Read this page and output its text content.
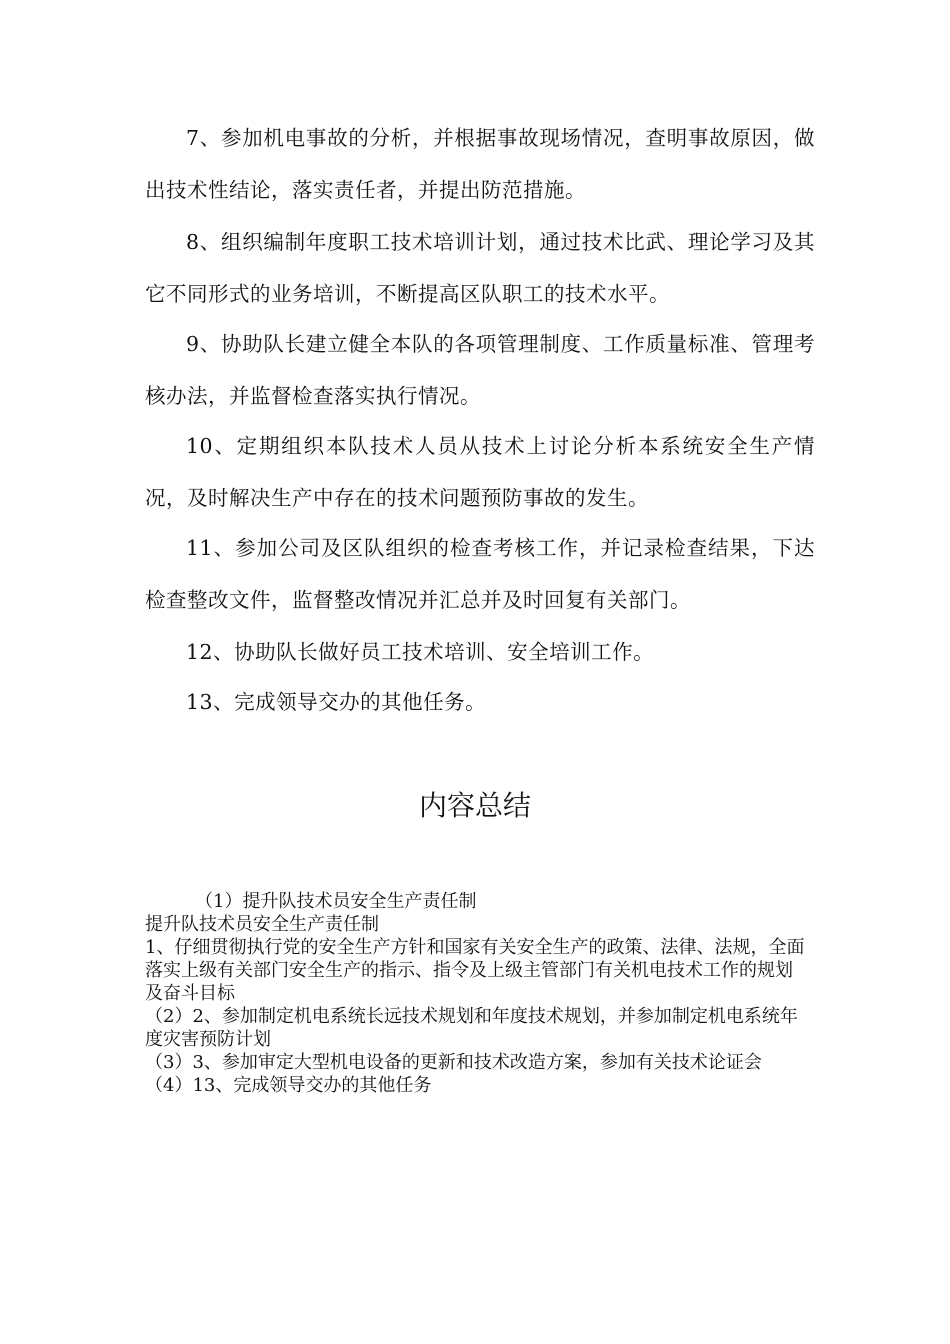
7、参加机电事故的分析，并根据事故现场情况，查明事故原因，做出技术性结论，落实责任者，并提出防范措施。

8、组织编制年度职工技术培训计划，通过技术比武、理论学习及其它不同形式的业务培训，不断提高区队职工的技术水平。

9、协助队长建立健全本队的各项管理制度、工作质量标准、管理考核办法，并监督检查落实执行情况。

10、定期组织本队技术人员从技术上讨论分析本系统安全生产情况，及时解决生产中存在的技术问题预防事故的发生。

11、参加公司及区队组织的检查考核工作，并记录检查结果，下达检查整改文件，监督整改情况并汇总并及时回复有关部门。

12、协助队长做好员工技术培训、安全培训工作。

13、完成领导交办的其他任务。

内容总结

（1）提升队技术员安全生产责任制

提升队技术员安全生产责任制

1、仔细贯彻执行党的安全生产方针和国家有关安全生产的政策、法律、法规，全面落实上级有关部门安全生产的指示、指令及上级主管部门有关机电技术工作的规划及奋斗目标

（2）2、参加制定机电系统长远技术规划和年度技术规划，并参加制定机电系统年度灾害预防计划

（3）3、参加审定大型机电设备的更新和技术改造方案，参加有关技术论证会

（4）13、完成领导交办的其他任务
